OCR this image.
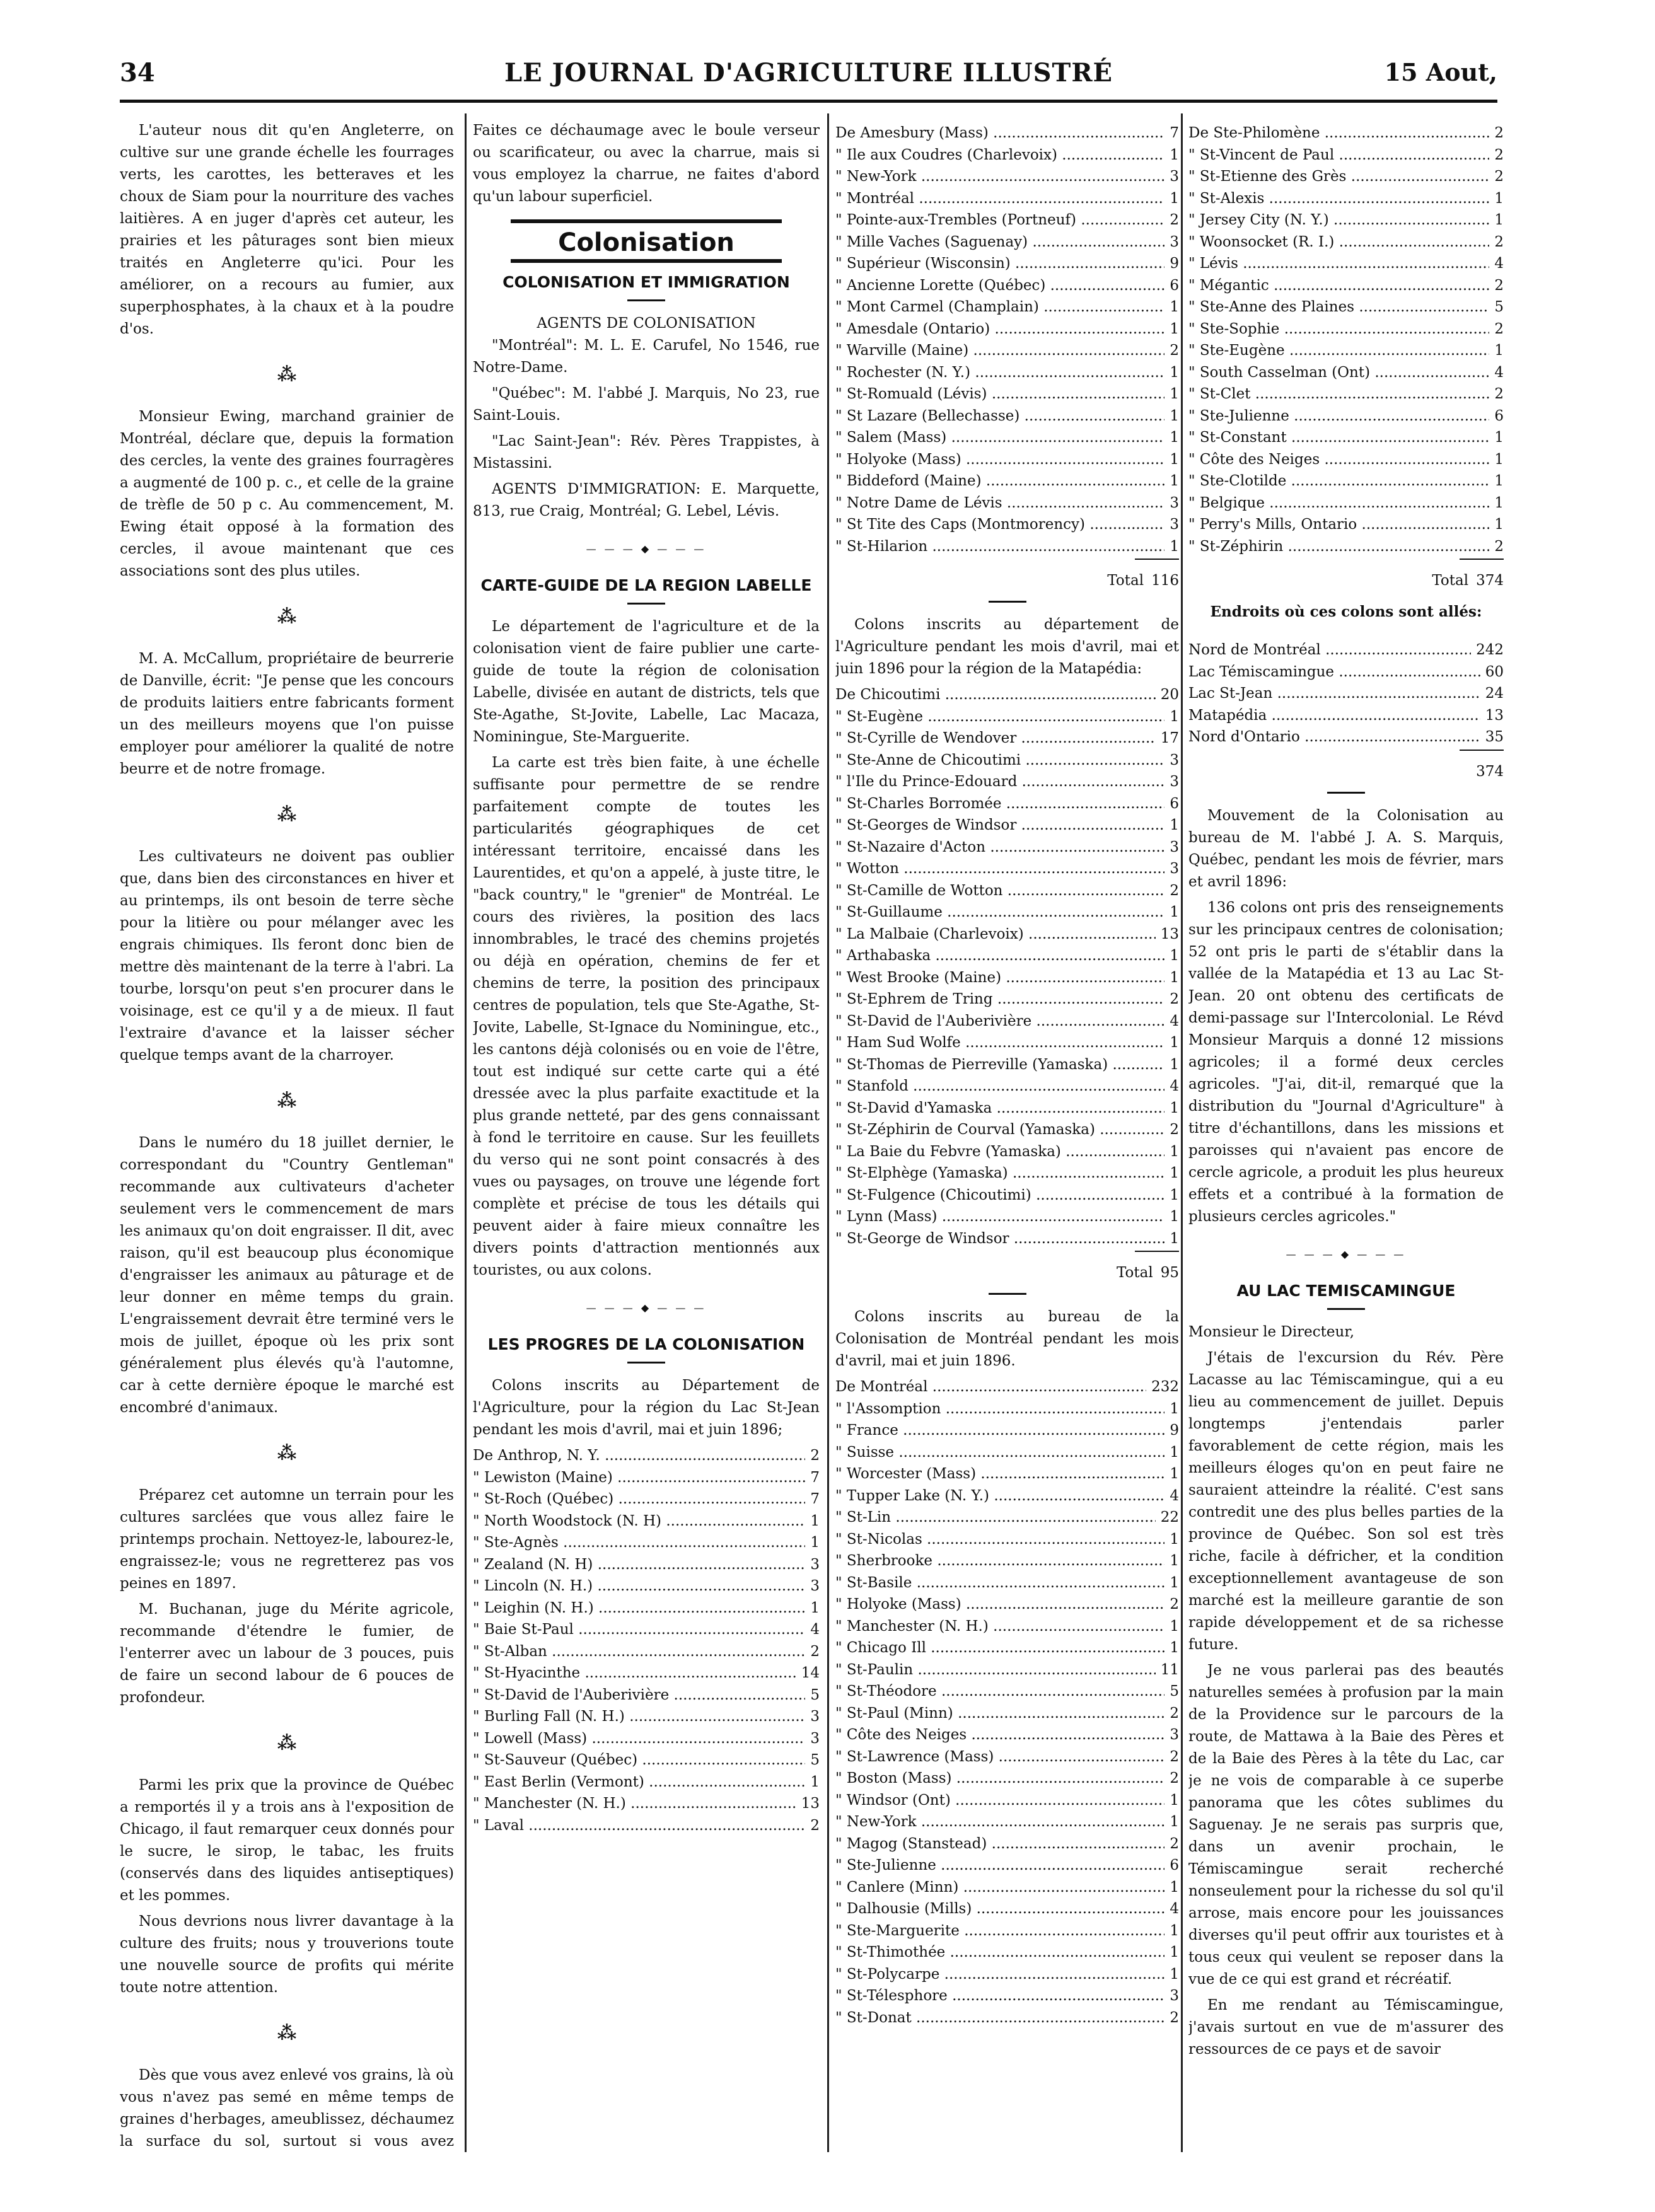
34	LE JOURNAL D'AGRICULTURE ILLUSTRÉ	15 Aout,

L'auteur nous dit qu'en Angleterre, on cultive sur une grande échelle les fourrages verts, les carottes, les betteraves et les choux de Siam pour la nourriture des vaches laitières. A en juger d'après cet auteur, les prairies et les pâturages sont bien mieux traités en Angleterre qu'ici. Pour les améliorer, on a recours au fumier, aux superphosphates, à la chaux et à la poudre d'os.

⁂

Monsieur Ewing, marchand grainier de Montréal, déclare que, depuis la formation des cercles, la vente des graines fourragères a augmenté de 100 p. c., et celle de la graine de trèfle de 50 p c. Au commencement, M. Ewing était opposé à la formation des cercles, il avoue maintenant que ces associations sont des plus utiles.

⁂

M. A. McCallum, propriétaire de beurrerie de Danville, écrit: "Je pense que les concours de produits laitiers entre fabricants forment un des meilleurs moyens que l'on puisse employer pour améliorer la qualité de notre beurre et de notre fromage.

⁂

Les cultivateurs ne doivent pas oublier que, dans bien des circonstances en hiver et au printemps, ils ont besoin de terre sèche pour la litière ou pour mélanger avec les engrais chimiques. Ils feront donc bien de mettre dès maintenant de la terre à l'abri. La tourbe, lorsqu'on peut s'en procurer dans le voisinage, est ce qu'il y a de mieux. Il faut l'extraire d'avance et la laisser sécher quelque temps avant de la charroyer.

⁂

Dans le numéro du 18 juillet dernier, le correspondant du "Country Gentleman" recommande aux cultivateurs d'acheter seulement vers le commencement de mars les animaux qu'on doit engraisser. Il dit, avec raison, qu'il est beaucoup plus économique d'engraisser les animaux au pâturage et de leur donner en même temps du grain. L'engraissement devrait être terminé vers le mois de juillet, époque où les prix sont généralement plus élevés qu'à l'automne, car à cette dernière époque le marché est encombré d'animaux.

⁂

Préparez cet automne un terrain pour les cultures sarclées que vous allez faire le printemps prochain. Nettoyez-le, labourez-le, engraissez-le; vous ne regretterez pas vos peines en 1897.

M. Buchanan, juge du Mérite agricole, recommande d'étendre le fumier, de l'enterrer avec un labour de 3 pouces, puis de faire un second labour de 6 pouces de profondeur.

⁂

Parmi les prix que la province de Québec a remportés il y a trois ans à l'exposition de Chicago, il faut remarquer ceux donnés pour le sucre, le sirop, le tabac, les fruits (conservés dans des liquides antiseptiques) et les pommes.

Nous devrions nous livrer davantage à la culture des fruits; nous y trouverions toute une nouvelle source de profits qui mérite toute notre attention.

⁂

Dès que vous avez enlevé vos grains, là où vous n'avez pas semé en même temps de graines d'herbages, ameublissez, déchaumez la surface du sol, surtout si vous avez

Faites ce déchaumage avec le boule verseur ou scarificateur, ou avec la charrue, mais si vous employez la charrue, ne faites d'abord qu'un labour superficiel.

Colonisation
COLONISATION ET IMMIGRATION
AGENTS DE COLONISATION

"Montréal": M. L. E. Carufel, No 1546, rue Notre-Dame.

"Québec": M. l'abbé J. Marquis, No 23, rue Saint-Louis.

"Lac Saint-Jean": Rév. Pères Trappistes, à Mistassini.

AGENTS D'IMMIGRATION: E. Marquette, 813, rue Craig, Montréal; G. Lebel, Lévis.

— — — ◆ — — —
CARTE-GUIDE DE LA REGION LABELLE

Le département de l'agriculture et de la colonisation vient de faire publier une carte-guide de toute la région de colonisation Labelle, divisée en autant de districts, tels que Ste-Agathe, St-Jovite, Labelle, Lac Macaza, Nominingue, Ste-Marguerite.

La carte est très bien faite, à une échelle suffisante pour permettre de se rendre parfaitement compte de toutes les particularités géographiques de cet intéressant territoire, encaissé dans les Laurentides, et qu'on a appelé, à juste titre, le "back country," le "grenier" de Montréal. Le cours des rivières, la position des lacs innombrables, le tracé des chemins projetés ou déjà en opération, chemins de fer et chemins de terre, la position des principaux centres de population, tels que Ste-Agathe, St-Jovite, Labelle, St-Ignace du Nominingue, etc., les cantons déjà colonisés ou en voie de l'être, tout est indiqué sur cette carte qui a été dressée avec la plus parfaite exactitude et la plus grande netteté, par des gens connaissant à fond le territoire en cause. Sur les feuillets du verso qui ne sont point consacrés à des vues ou paysages, on trouve une légende fort complète et précise de tous les détails qui peuvent aider à faire mieux connaître les divers points d'attraction mentionnés aux touristes, ou aux colons.

— — — ◆ — — —
LES PROGRES DE LA COLONISATION

Colons inscrits au Département de l'Agriculture, pour la région du Lac St-Jean pendant les mois d'avril, mai et juin 1896;

De Anthrop, N. Y. .....	2
" Lewiston (Maine) .....	7
" St-Roch (Québec) .....	7
" North Woodstock (N. H) .....	1
" Ste-Agnès .....	1
" Zealand (N. H) .....	3
" Lincoln (N. H.) .....	3
" Leighin (N. H.) .....	1
" Baie St-Paul .....	4
" St-Alban .....	2
" St-Hyacinthe .....	14
" St-David de l'Auberivière .....	5
" Burling Fall (N. H.) .....	3
" Lowell (Mass) .....	3
" St-Sauveur (Québec) .....	5
" East Berlin (Vermont) .....	1
" Manchester (N. H.) .....	13
" Laval .....	2
De Amesbury (Mass) .....	7
" Ile aux Coudres (Charlevoix) .....	1
" New-York .....	3
" Montréal .....	1
" Pointe-aux-Trembles (Portneuf) .....	2
" Mille Vaches (Saguenay) .....	3
" Supérieur (Wisconsin) .....	9
" Ancienne Lorette (Québec) .....	6
" Mont Carmel (Champlain) .....	1
" Amesdale (Ontario) .....	1
" Warville (Maine) .....	2
" Rochester (N. Y.) .....	1
" St-Romuald (Lévis) .....	1
" St Lazare (Bellechasse) .....	1
" Salem (Mass) .....	1
" Holyoke (Mass) .....	1
" Biddeford (Maine) .....	1
" Notre Dame de Lévis .....	3
" St Tite des Caps (Montmorency) .....	3
" St-Hilarion .....	1
Total 116

Colons inscrits au département de l'Agriculture pendant les mois d'avril, mai et juin 1896 pour la région de la Matapédia:

De Chicoutimi .....	20
" St-Eugène .....	1
" St-Cyrille de Wendover .....	17
" Ste-Anne de Chicoutimi .....	3
" l'Ile du Prince-Edouard .....	3
" St-Charles Borromée .....	6
" St-Georges de Windsor .....	1
" St-Nazaire d'Acton .....	3
" Wotton .....	3
" St-Camille de Wotton .....	2
" St-Guillaume .....	1
" La Malbaie (Charlevoix) .....	13
" Arthabaska .....	1
" West Brooke (Maine) .....	1
" St-Ephrem de Tring .....	2
" St-David de l'Auberivière .....	4
" Ham Sud Wolfe .....	1
" St-Thomas de Pierreville (Yamaska) .....	1
" Stanfold .....	4
" St-David d'Yamaska .....	1
" St-Zéphirin de Courval (Yamaska) .....	2
" La Baie du Febvre (Yamaska) .....	1
" St-Elphège (Yamaska) .....	1
" St-Fulgence (Chicoutimi) .....	1
" Lynn (Mass) .....	1
" St-George de Windsor .....	1
Total 95

Colons inscrits au bureau de la Colonisation de Montréal pendant les mois d'avril, mai et juin 1896.

De Montréal .....	232
" l'Assomption .....	1
" France .....	9
" Suisse .....	1
" Worcester (Mass) .....	1
" Tupper Lake (N. Y.) .....	4
" St-Lin .....	22
" St-Nicolas .....	1
" Sherbrooke .....	1
" St-Basile .....	1
" Holyoke (Mass) .....	2
" Manchester (N. H.) .....	1
" Chicago Ill .....	1
" St-Paulin .....	11
" St-Théodore .....	5
" St-Paul (Minn) .....	2
" Côte des Neiges .....	3
" St-Lawrence (Mass) .....	2
" Boston (Mass) .....	2
" Windsor (Ont) .....	1
" New-York .....	1
" Magog (Stanstead) .....	2
" Ste-Julienne .....	6
" Canlere (Minn) .....	1
" Dalhousie (Mills) .....	4
" Ste-Marguerite .....	1
" St-Thimothée .....	1
" St-Polycarpe .....	1
" St-Télesphore .....	3
" St-Donat .....	2
De Ste-Philomène .....	2
" St-Vincent de Paul .....	2
" St-Etienne des Grès .....	2
" St-Alexis .....	1
" Jersey City (N. Y.) .....	1
" Woonsocket (R. I.) .....	2
" Lévis .....	4
" Mégantic .....	2
" Ste-Anne des Plaines .....	5
" Ste-Sophie .....	2
" Ste-Eugène .....	1
" South Casselman (Ont) .....	4
" St-Clet .....	2
" Ste-Julienne .....	6
" St-Constant .....	1
" Côte des Neiges .....	1
" Ste-Clotilde .....	1
" Belgique .....	1
" Perry's Mills, Ontario .....	1
" St-Zéphirin .....	2
Total 374
Endroits où ces colons sont allés:
Nord de Montréal .....	242
Lac Témiscamingue .....	60
Lac St-Jean .....	24
Matapédia .....	13
Nord d'Ontario .....	35
374

Mouvement de la Colonisation au bureau de M. l'abbé J. A. S. Marquis, Québec, pendant les mois de février, mars et avril 1896:

136 colons ont pris des renseignements sur les principaux centres de colonisation; 52 ont pris le parti de s'établir dans la vallée de la Matapédia et 13 au Lac St-Jean. 20 ont obtenu des certificats de demi-passage sur l'Intercolonial. Le Révd Monsieur Marquis a donné 12 missions agricoles; il a formé deux cercles agricoles. "J'ai, dit-il, remarqué que la distribution du "Journal d'Agriculture" à titre d'échantillons, dans les missions et paroisses qui n'avaient pas encore de cercle agricole, a produit les plus heureux effets et a contribué à la formation de plusieurs cercles agricoles."

— — — ◆ — — —
AU LAC TEMISCAMINGUE

Monsieur le Directeur,

J'étais de l'excursion du Rév. Père Lacasse au lac Témiscamingue, qui a eu lieu au commencement de juillet. Depuis longtemps j'entendais parler favorablement de cette région, mais les meilleurs éloges qu'on en peut faire ne sauraient atteindre la réalité. C'est sans contredit une des plus belles parties de la province de Québec. Son sol est très riche, facile à défricher, et la condition exceptionnellement avantageuse de son marché est la meilleure garantie de son rapide développement et de sa richesse future.

Je ne vous parlerai pas des beautés naturelles semées à profusion par la main de la Providence sur le parcours de la route, de Mattawa à la Baie des Pères et de la Baie des Pères à la tête du Lac, car je ne vois de comparable à ce superbe panorama que les côtes sublimes du Saguenay. Je ne serais pas surpris que, dans un avenir prochain, le Témiscamingue serait recherché nonseulement pour la richesse du sol qu'il arrose, mais encore pour les jouissances diverses qu'il peut offrir aux touristes et à tous ceux qui veulent se reposer dans la vue de ce qui est grand et récréatif.

En me rendant au Témiscamingue, j'avais surtout en vue de m'assurer des ressources de ce pays et de savoir
